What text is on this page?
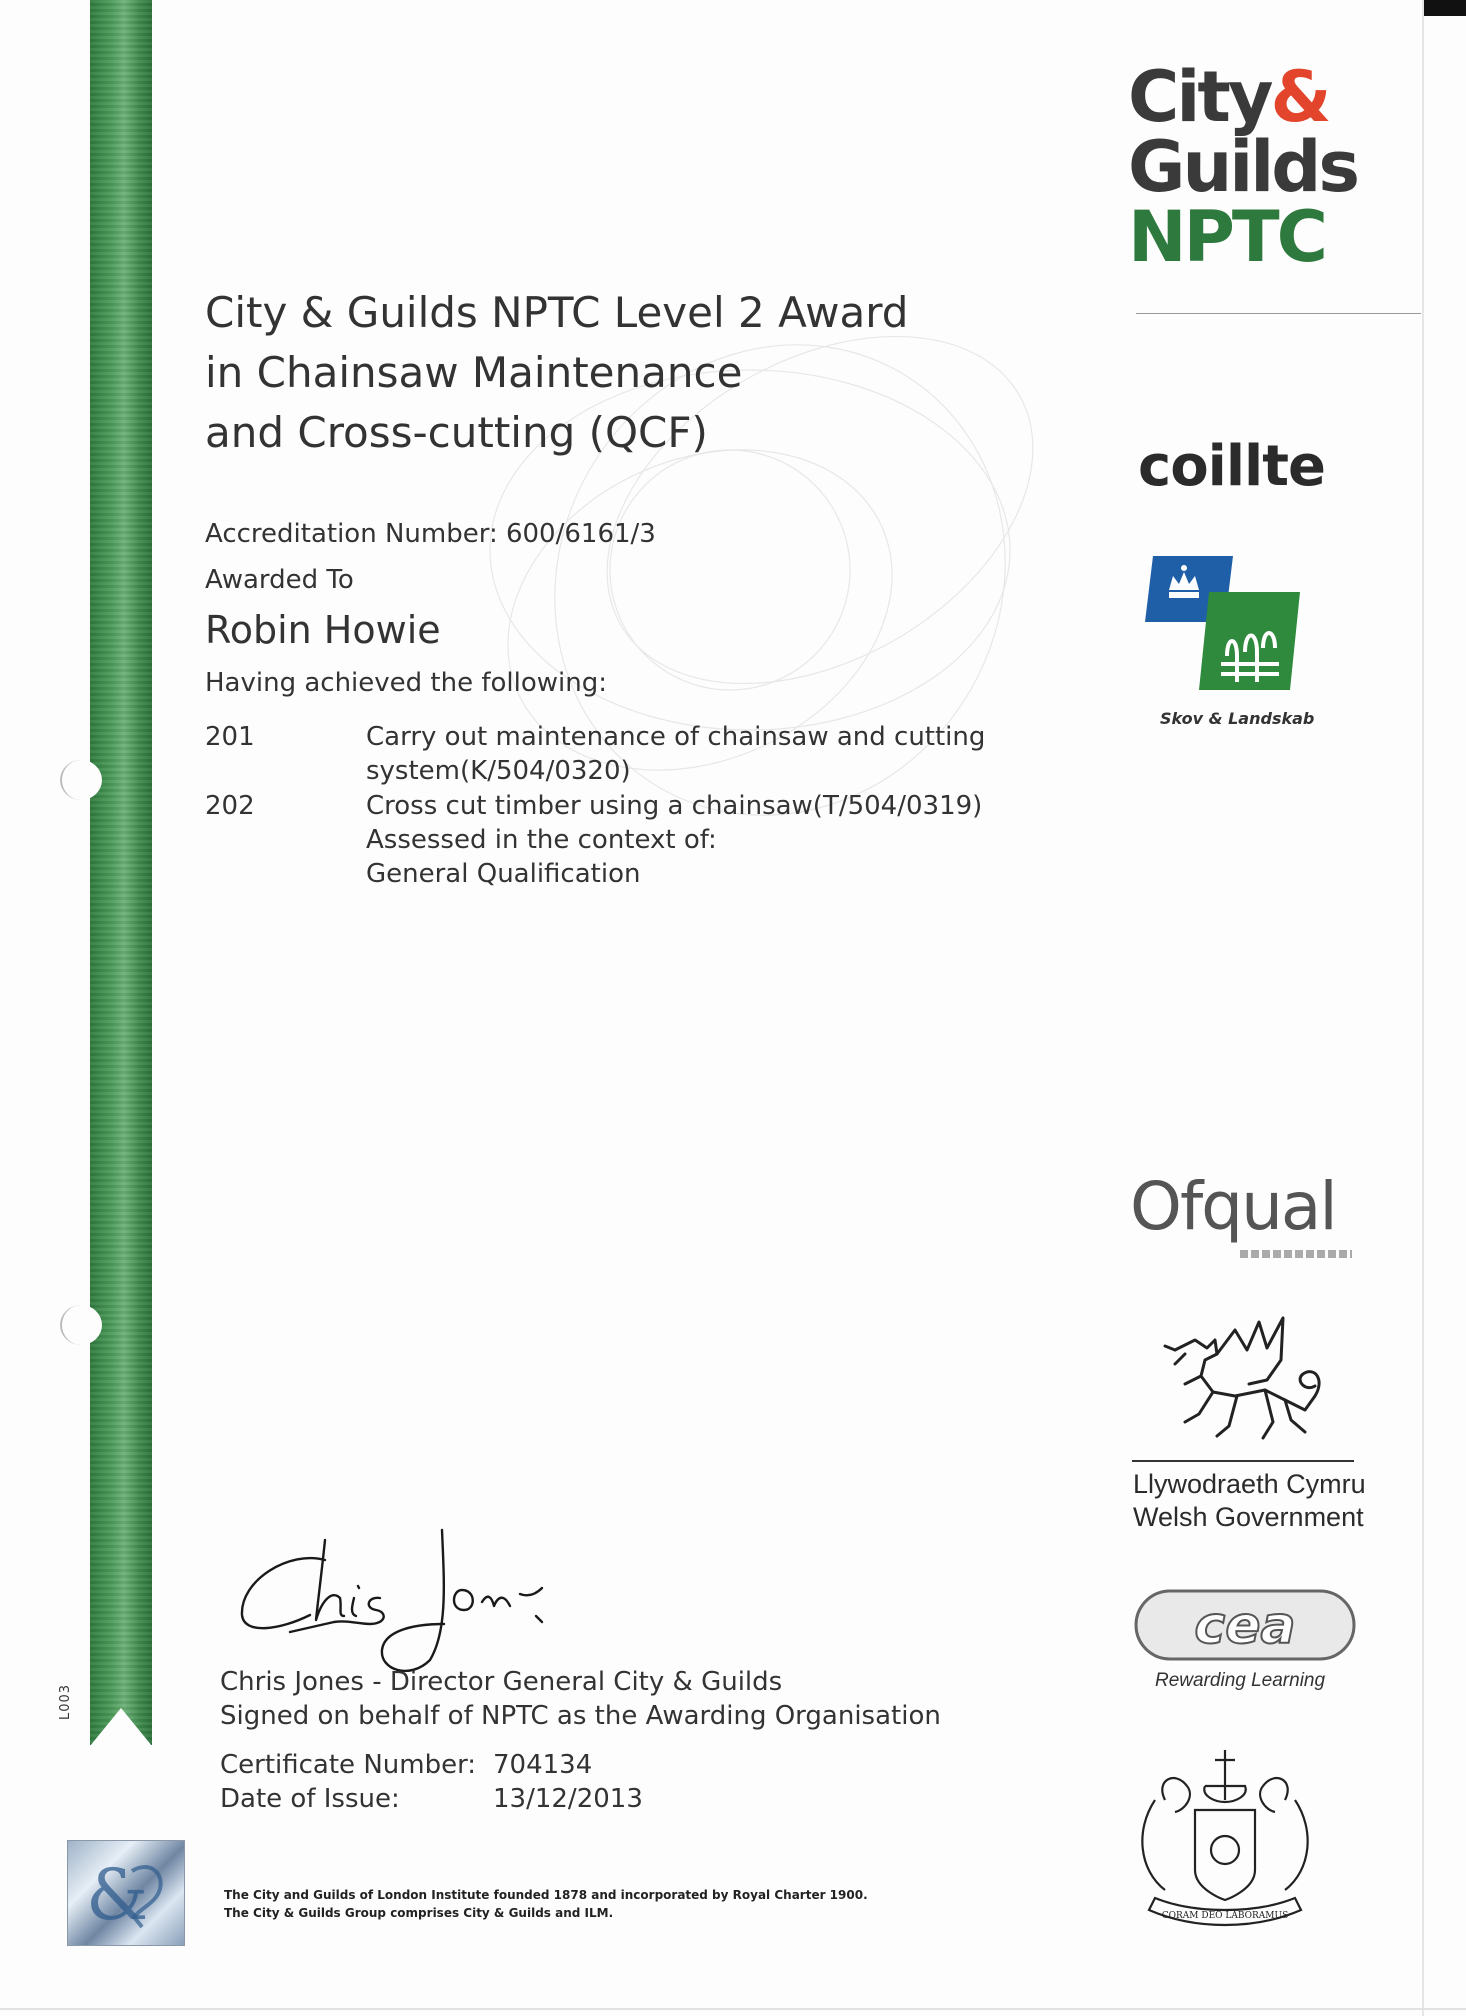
L003
City & Guilds NPTC Level 2 Award
in Chainsaw Maintenance
and Cross-cutting (QCF)
Accreditation Number: 600/6161/3
Awarded To
Robin Howie
Having achieved the following:
201	Carry out maintenance of chainsaw and cutting
system(K/504/0320)
202	Cross cut timber using a chainsaw(T/504/0319)
Assessed in the context of:
General Qualification
Chris Jones - Director General City & Guilds
Signed on behalf of NPTC as the Awarding Organisation
Certificate Number: 704134
Date of Issue:	13/12/2013
&	The City and Guilds of London Institute founded 1878 and incorporated by Royal Charter 1900.
The City & Guilds Group comprises City & Guilds and ILM.
City&
Guilds
NPTC
coillte
Skov & Landskab
Ofqual
Llywodraeth Cymru
Welsh Government
cea
Rewarding Learning
CORAM DEO LABORAMUS
